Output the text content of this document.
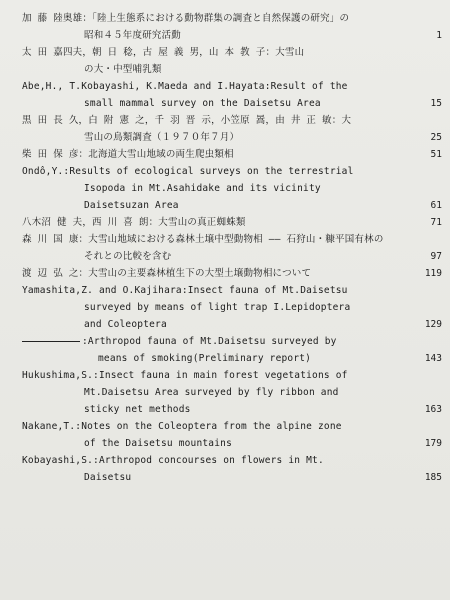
加 藤 陸奥雄：「陸上生態系における動物群集の調査と自然保護の研究」の
昭和４５年度研究活動	1
太 田 嘉四夫，朝 日 稔，古 屋 義 男，山 本 教 子：大雪山
の大・中型哺乳類
Abe,H., T.Kobayashi, K.Maeda and I.Hayata:Result of the
small mammal survey on the Daisetsu Area	15
黒 田 長 久，白 附 憲 之，千 羽 晋 示，小笠原 暠，由 井 正 敏：大
雪山の鳥類調査（１９７０年７月）	25
柴 田 保 彦：北海道大雪山地域の両生爬虫類相	51
Ondô,Y.:Results of ecological surveys on the terrestrial
Isopoda in Mt.Asahidake and its vicinity
Daisetsuzan Area	61
八木沼 健 夫，西 川 喜 朗：大雪山の真正蜘蛛類	71
森 川 国 康：大雪山地域における森林土壌中型動物相 ―― 石狩山・糠平国有林の
それとの比較を含む	97
渡 辺 弘 之：大雪山の主要森林植生下の大型土壌動物相について	119
Yamashita,Z. and O.Kajihara:Insect fauna of Mt.Daisetsu
surveyed by means of light trap I.Lepidoptera
and Coleoptera	129
:Arthropod fauna of Mt.Daisetsu surveyed by
means of smoking(Preliminary report)	143
Hukushima,S.:Insect fauna in main forest vegetations of
Mt.Daisetsu Area surveyed by fly ribbon and
sticky net methods	163
Nakane,T.:Notes on the Coleoptera from the alpine zone
of the Daisetsu mountains	179
Kobayashi,S.:Arthropod concourses on flowers in Mt.
Daisetsu	185
